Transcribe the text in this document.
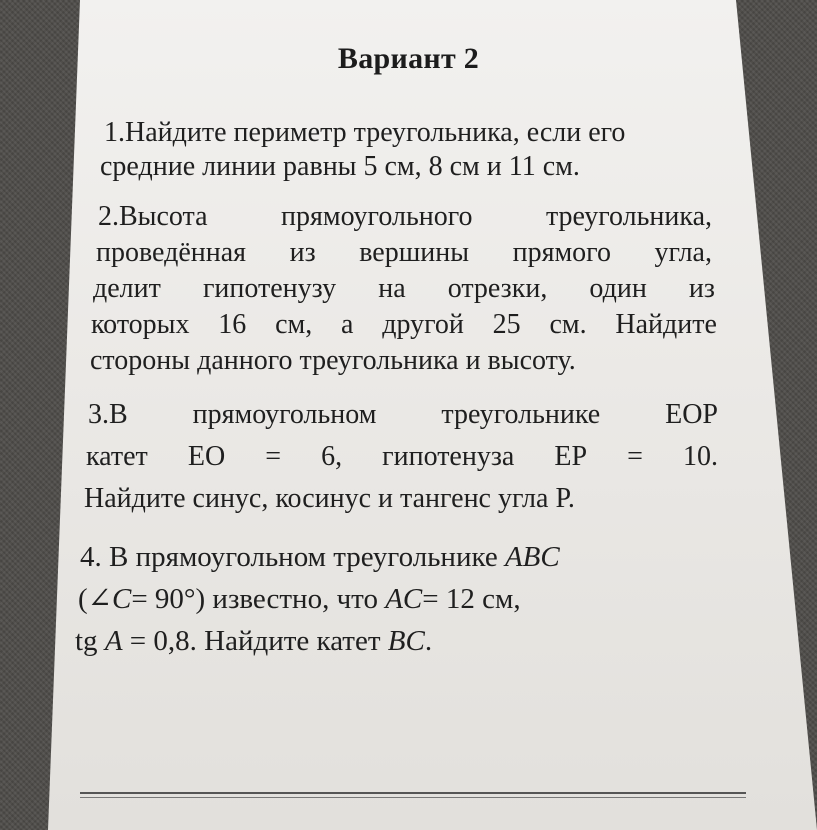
Вариант 2
1.Найдите периметр треугольника, если его
средние линии равны 5 см, 8 см и 11 см.
2.Высота	прямоугольного	треугольника,
проведённая из вершины прямого угла,
делит гипотенузу на отрезки, один из
которых 16 см, а другой 25 см. Найдите
стороны данного треугольника и высоту.
3.В прямоугольном треугольнике EOP
катет EO = 6, гипотенуза EP = 10.
Найдите синус, косинус и тангенс угла P.
4. В прямоугольном треугольнике ABC
(∠C= 90°) известно, что AC= 12 см,
tg A = 0,8. Найдите катет BC.
